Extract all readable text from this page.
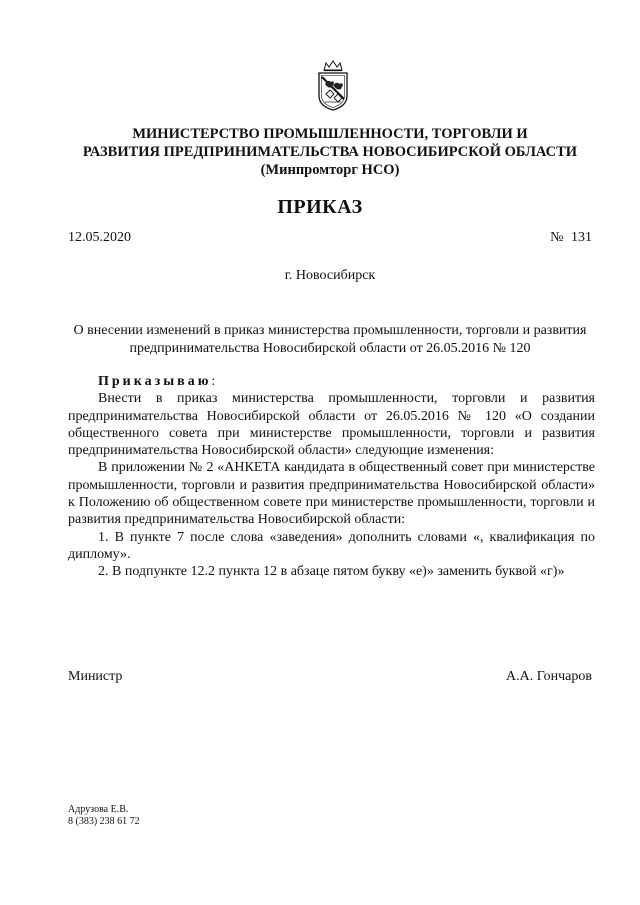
МИНИСТЕРСТВО ПРОМЫШЛЕННОСТИ, ТОРГОВЛИ И
РАЗВИТИЯ ПРЕДПРИНИМАТЕЛЬСТВА НОВОСИБИРСКОЙ ОБЛАСТИ
(Минпромторг НСО)
ПРИКАЗ
12.05.2020	№ 131
г. Новосибирск
О внесении изменений в приказ министерства промышленности, торговли и развития предпринимательства Новосибирской области от 26.05.2016 № 120

Приказываю:

Внести в приказ министерства промышленности, торговли и развития предпринимательства Новосибирской области от 26.05.2016 № 120 «О создании общественного совета при министерстве промышленности, торговли и развития предпринимательства Новосибирской области» следующие изменения:

В приложении № 2 «АНКЕТА кандидата в общественный совет при министерстве промышленности, торговли и развития предпринимательства Новосибирской области» к Положению об общественном совете при министерстве промышленности, торговли и развития предпринимательства Новосибирской области:

1. В пункте 7 после слова «заведения» дополнить словами «, квалификация по диплому».

2. В подпункте 12.2 пункта 12 в абзаце пятом букву «е)» заменить буквой «г)»

Министр	А.А. Гончаров
Адрузова Е.В.
8 (383) 238 61 72
